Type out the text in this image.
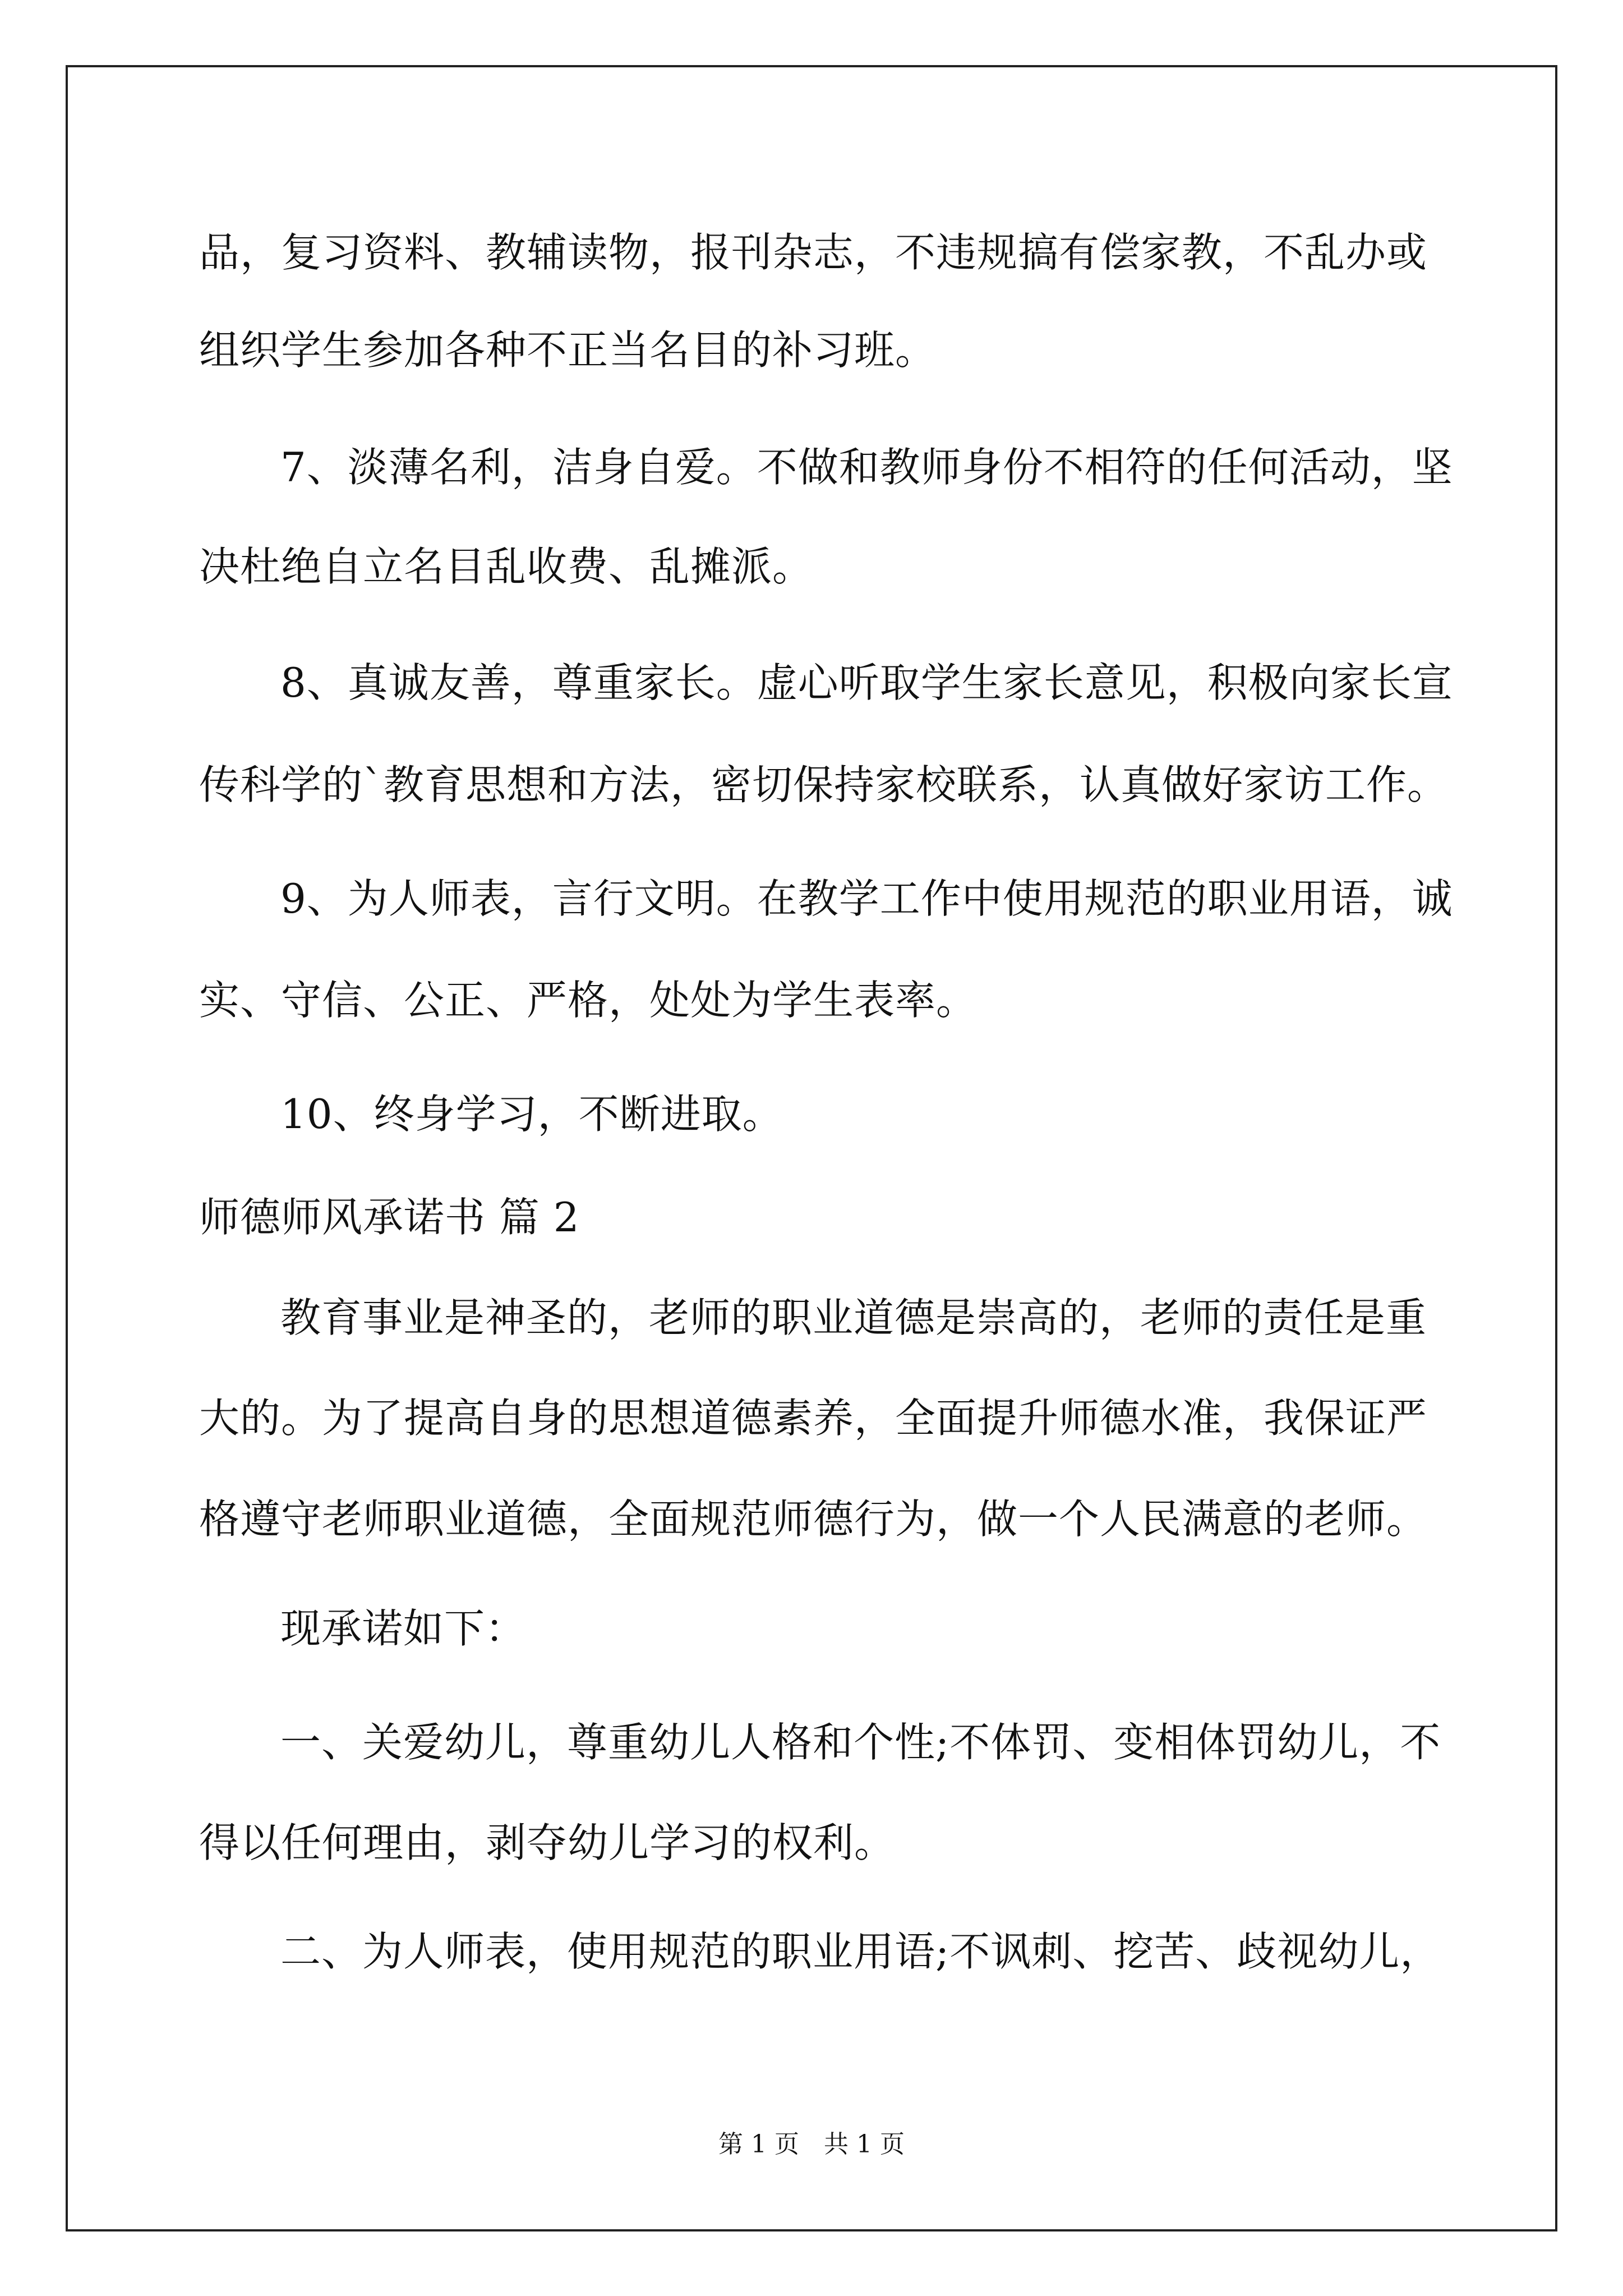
品，复习资料、教辅读物，报刊杂志，不违规搞有偿家教，不乱办或
组织学生参加各种不正当名目的补习班。
7、淡薄名利，洁身自爱。不做和教师身份不相符的任何活动，坚
决杜绝自立名目乱收费、乱摊派。
8、真诚友善，尊重家长。虚心听取学生家长意见，积极向家长宣
传科学的`教育思想和方法，密切保持家校联系，认真做好家访工作。
9、为人师表，言行文明。在教学工作中使用规范的职业用语，诚
实、守信、公正、严格，处处为学生表率。
10、终身学习，不断进取。
师德师风承诺书 篇 2
教育事业是神圣的，老师的职业道德是崇高的，老师的责任是重
大的。为了提高自身的思想道德素养，全面提升师德水准，我保证严
格遵守老师职业道德，全面规范师德行为，做一个人民满意的老师。
现承诺如下：
一、关爱幼儿，尊重幼儿人格和个性;不体罚、变相体罚幼儿，不
得以任何理由，剥夺幼儿学习的权利。
二、为人师表，使用规范的职业用语;不讽刺、挖苦、歧视幼儿，
第 1 页　共 1 页
